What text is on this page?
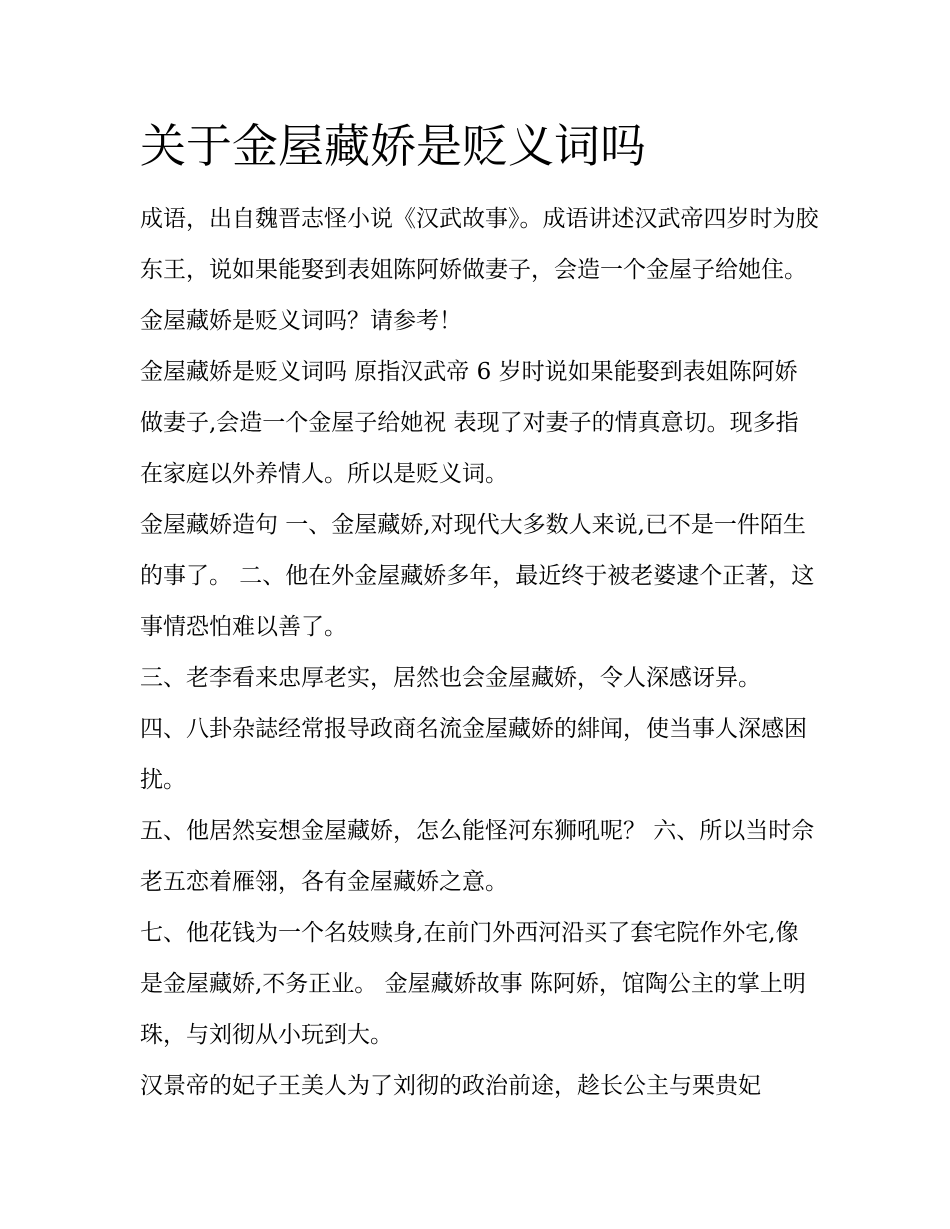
关于金屋藏娇是贬义词吗

成语，出自魏晋志怪小说《汉武故事》。成语讲述汉武帝四岁时为胶东王，说如果能娶到表姐陈阿娇做妻子，会造一个金屋子给她住。金屋藏娇是贬义词吗？请参考！

金屋藏娇是贬义词吗 原指汉武帝 6 岁时说如果能娶到表姐陈阿娇做妻子,会造一个金屋子给她祝 表现了对妻子的情真意切。现多指在家庭以外养情人。所以是贬义词。

金屋藏娇造句 一、金屋藏娇,对现代大多数人来说,已不是一件陌生的事了。 二、他在外金屋藏娇多年，最近终于被老婆逮个正著，这事情恐怕难以善了。

三、老李看来忠厚老实，居然也会金屋藏娇，令人深感讶异。

四、八卦杂誌经常报导政商名流金屋藏娇的緋闻，使当事人深感困扰。

五、他居然妄想金屋藏娇，怎么能怪河东狮吼呢？ 六、所以当时佘老五恋着雁翎，各有金屋藏娇之意。

七、他花钱为一个名妓赎身,在前门外西河沿买了套宅院作外宅,像是金屋藏娇,不务正业。 金屋藏娇故事 陈阿娇，馆陶公主的掌上明珠，与刘彻从小玩到大。

汉景帝的妃子王美人为了刘彻的政治前途，趁长公主与栗贵妃
